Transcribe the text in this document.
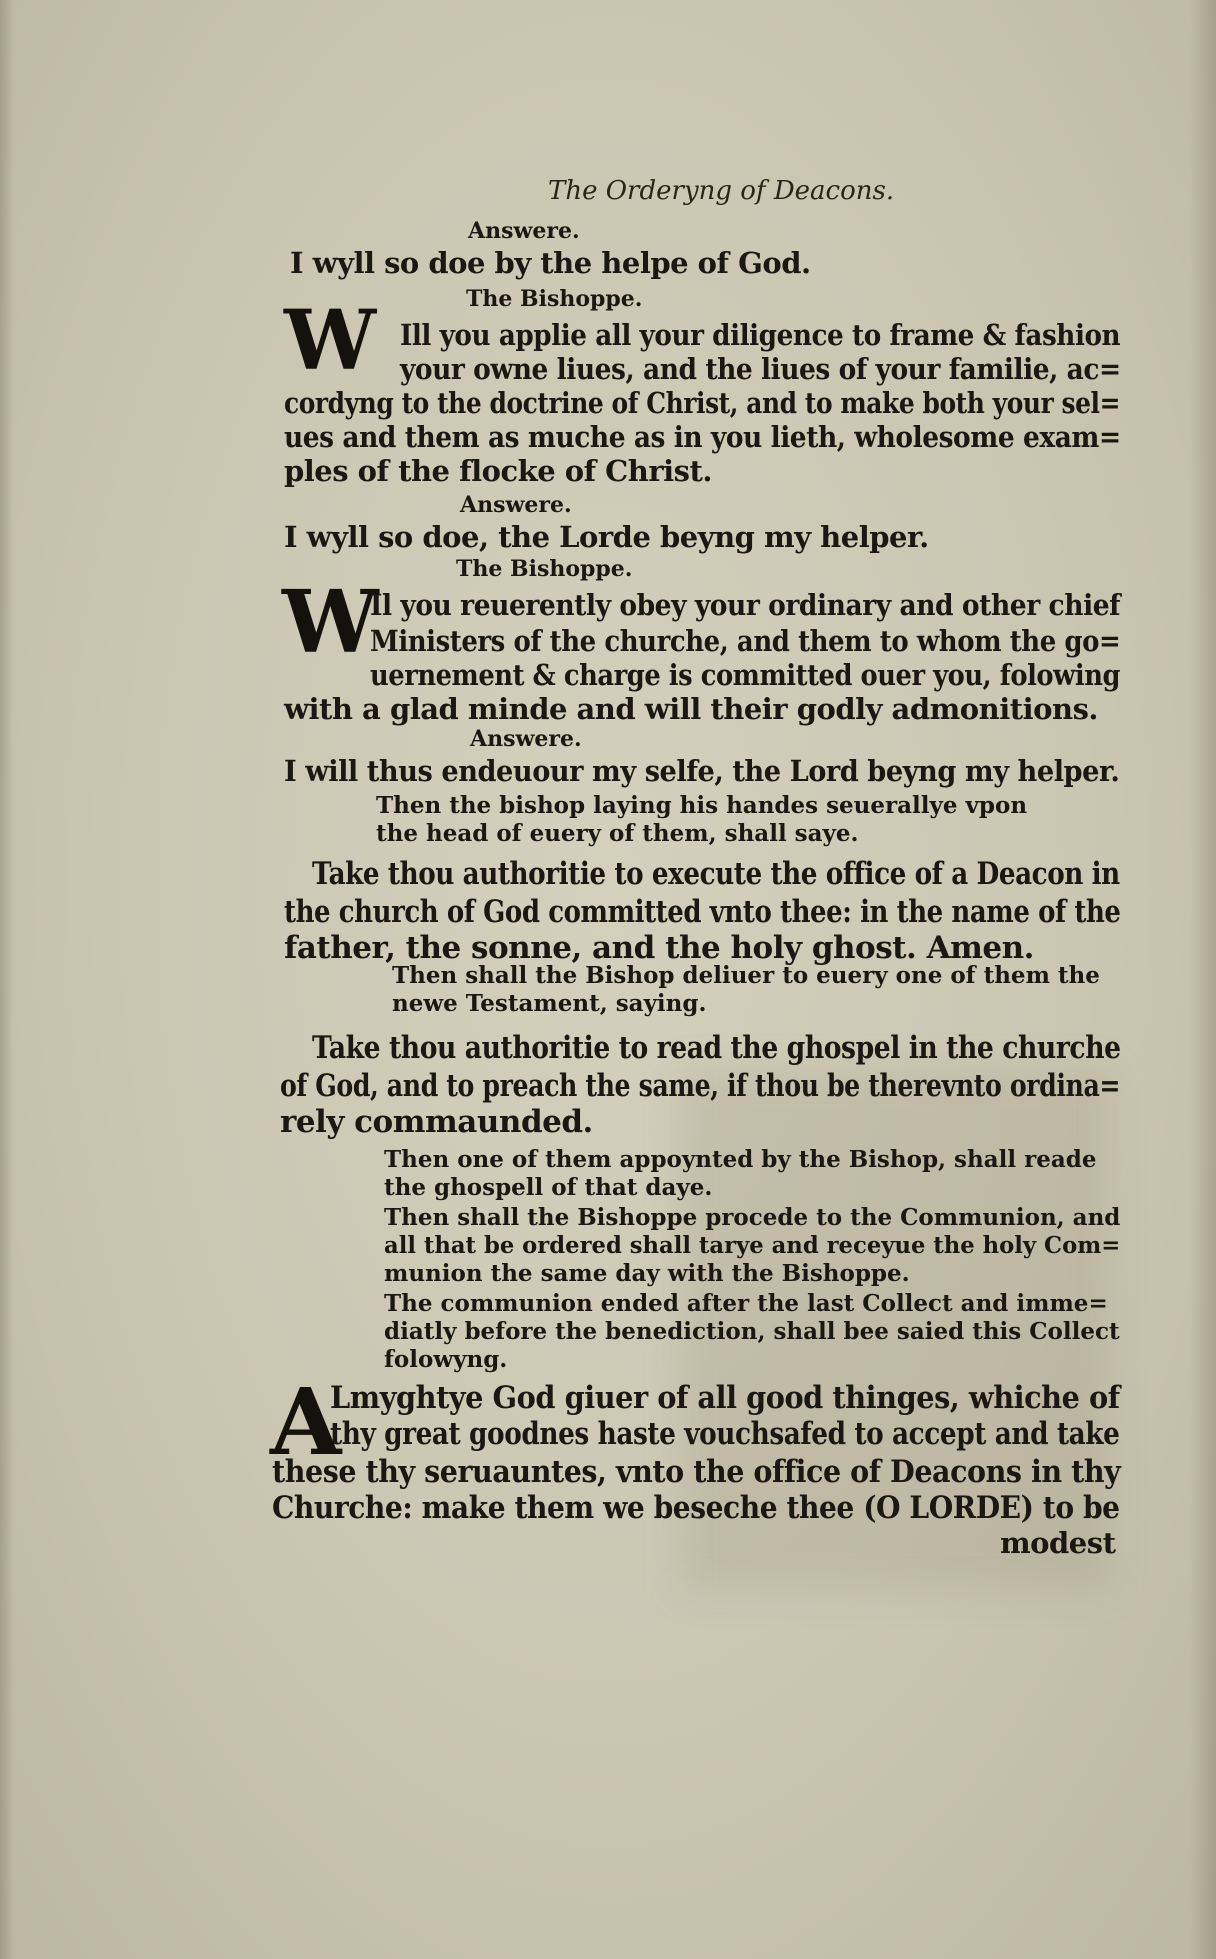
The Orderyng of Deacons.
Answere.
I wyll so doe by the helpe of God.
The Bishoppe.
W Ill you applie all your diligence to frame & fashion
your owne liues, and the liues of your familie, ac=
cordyng to the doctrine of Christ, and to make both your sel=
ues and them as muche as in you lieth, wholesome exam=
ples of the flocke of Christ.
Answere.
I wyll so doe, the Lorde beyng my helper.
The Bishoppe.
W
Il you reuerently obey your ordinary and other chief
Ministers of the churche, and them to whom the go=
uernement & charge is committed ouer you, folowing
with a glad minde and will their godly admonitions.
Answere.
I will thus endeuour my selfe, the Lord beyng my helper.
Then the bishop laying his handes seuerallye vpon
the head of euery of them, shall saye.
Take thou authoritie to execute the office of a Deacon in
the church of God committed vnto thee: in the name of the
father, the sonne, and the holy ghost. Amen.
Then shall the Bishop deliuer to euery one of them the
newe Testament, saying.
Take thou authoritie to read the ghospel in the churche
of God, and to preach the same, if thou be therevnto ordina=
rely commaunded.
Then one of them appoynted by the Bishop, shall reade
the ghospell of that daye.
Then shall the Bishoppe procede to the Communion, and
all that be ordered shall tarye and receyue the holy Com=
munion the same day with the Bishoppe.
The communion ended after the last Collect and imme=
diatly before the benediction, shall bee saied this Collect
folowyng.
A
Lmyghtye God giuer of all good thinges, whiche of
thy great goodnes haste vouchsafed to accept and take
these thy seruauntes, vnto the office of Deacons in thy
Churche: make them we beseche thee (O LORDE) to be
modest
